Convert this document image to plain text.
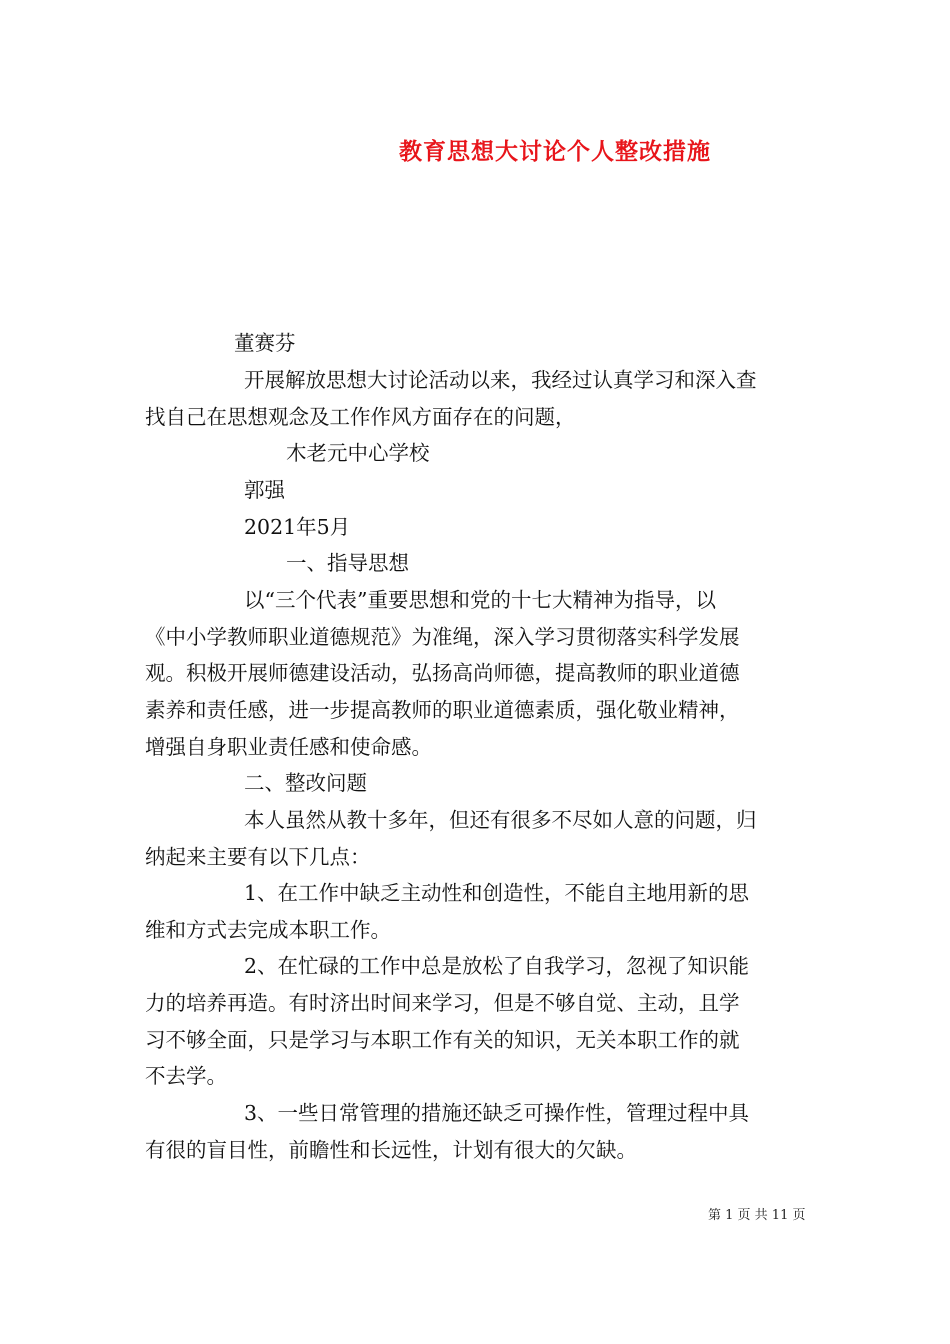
教育思想大讨论个人整改措施
董赛芬
开展解放思想大讨论活动以来，我经过认真学习和深入查
找自己在思想观念及工作作风方面存在的问题，
木老元中心学校
郭强
2021年5月
一、指导思想
以“三个代表”重要思想和党的十七大精神为指导，以
《中小学教师职业道德规范》为准绳，深入学习贯彻落实科学发展
观。积极开展师德建设活动，弘扬高尚师德，提高教师的职业道德
素养和责任感，进一步提高教师的职业道德素质，强化敬业精神，
增强自身职业责任感和使命感。
二、整改问题
本人虽然从教十多年，但还有很多不尽如人意的问题，归
纳起来主要有以下几点：
1、在工作中缺乏主动性和创造性，不能自主地用新的思
维和方式去完成本职工作。
2、在忙碌的工作中总是放松了自我学习，忽视了知识能
力的培养再造。有时济出时间来学习，但是不够自觉、主动，且学
习不够全面，只是学习与本职工作有关的知识，无关本职工作的就
不去学。
3、一些日常管理的措施还缺乏可操作性，管理过程中具
有很的盲目性，前瞻性和长远性，计划有很大的欠缺。
第 1 页 共 11 页
